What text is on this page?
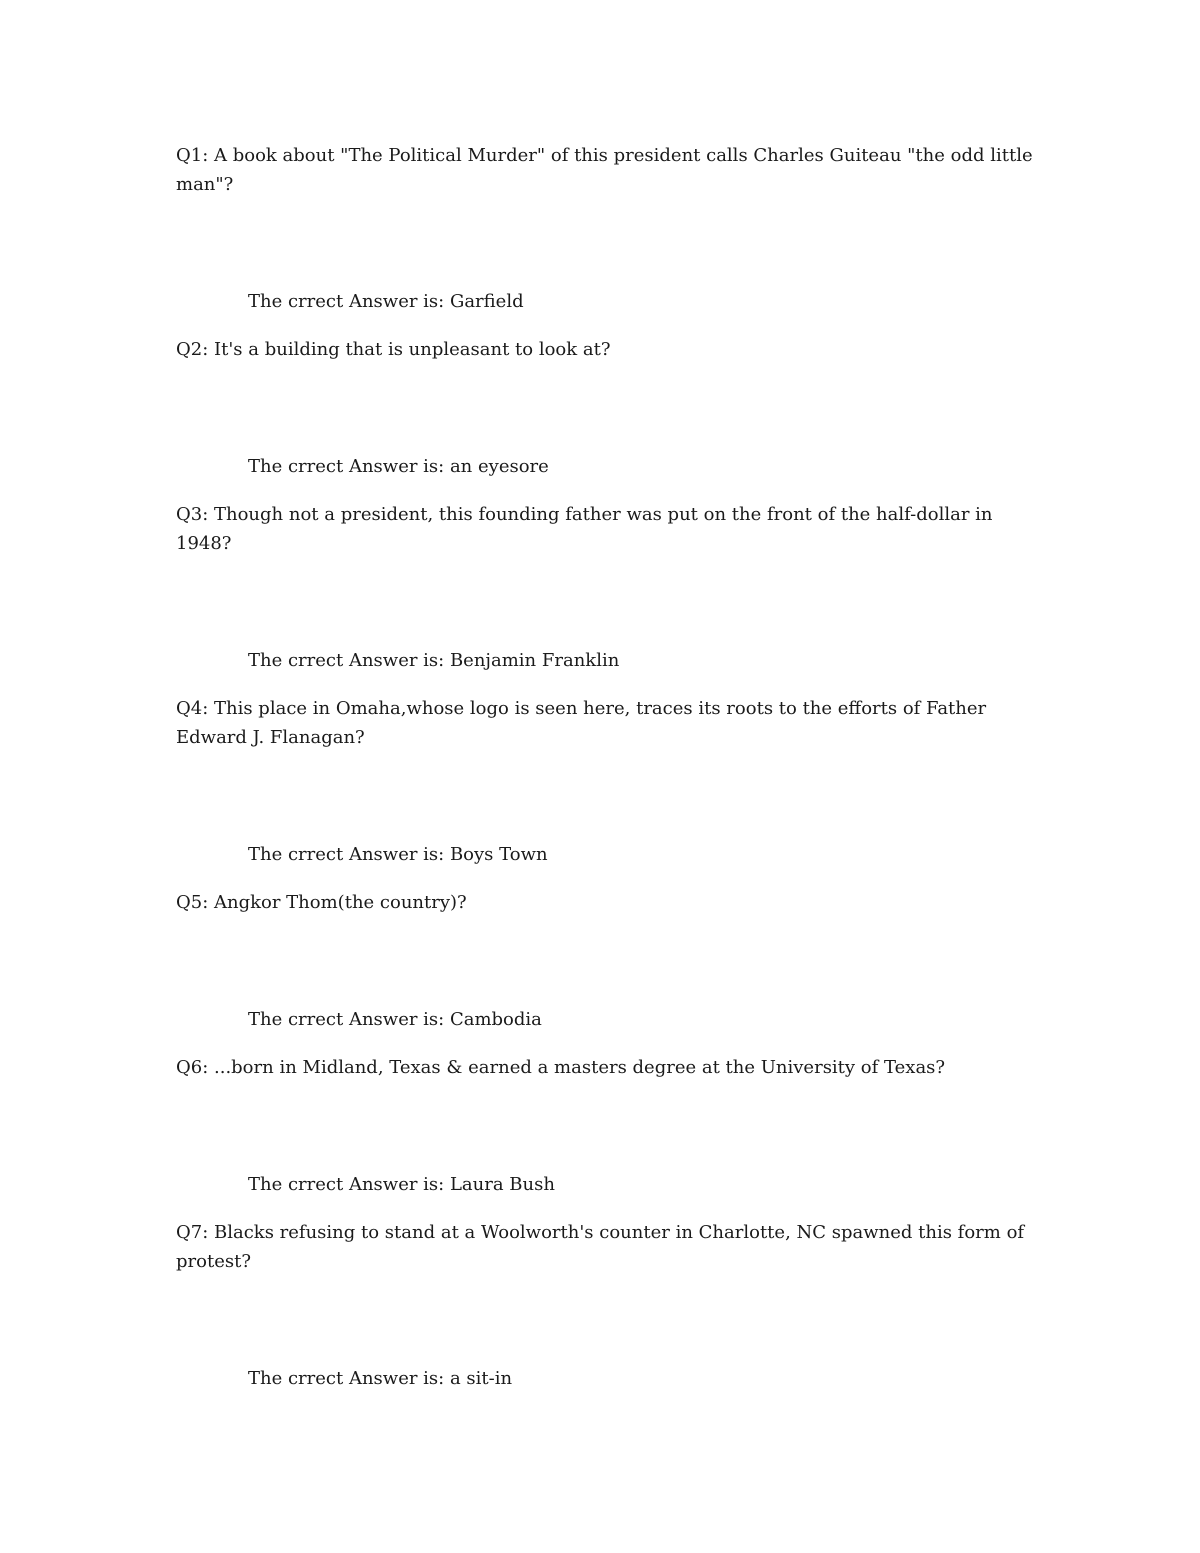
Q1: A book about "The Political Murder" of this president calls Charles Guiteau "the odd little man"?

The crrect Answer is: Garfield

Q2: It's a building that is unpleasant to look at?

The crrect Answer is: an eyesore

Q3: Though not a president, this founding father was put on the front of the half-dollar in 1948?

The crrect Answer is: Benjamin Franklin

Q4: This place in Omaha,whose logo is seen here, traces its roots to the efforts of Father Edward J. Flanagan?

The crrect Answer is: Boys Town

Q5: Angkor Thom(the country)?

The crrect Answer is: Cambodia

Q6: ...born in Midland, Texas & earned a masters degree at the University of Texas?

The crrect Answer is: Laura Bush

Q7: Blacks refusing to stand at a Woolworth's counter in Charlotte, NC spawned this form of protest?

The crrect Answer is: a sit-in
